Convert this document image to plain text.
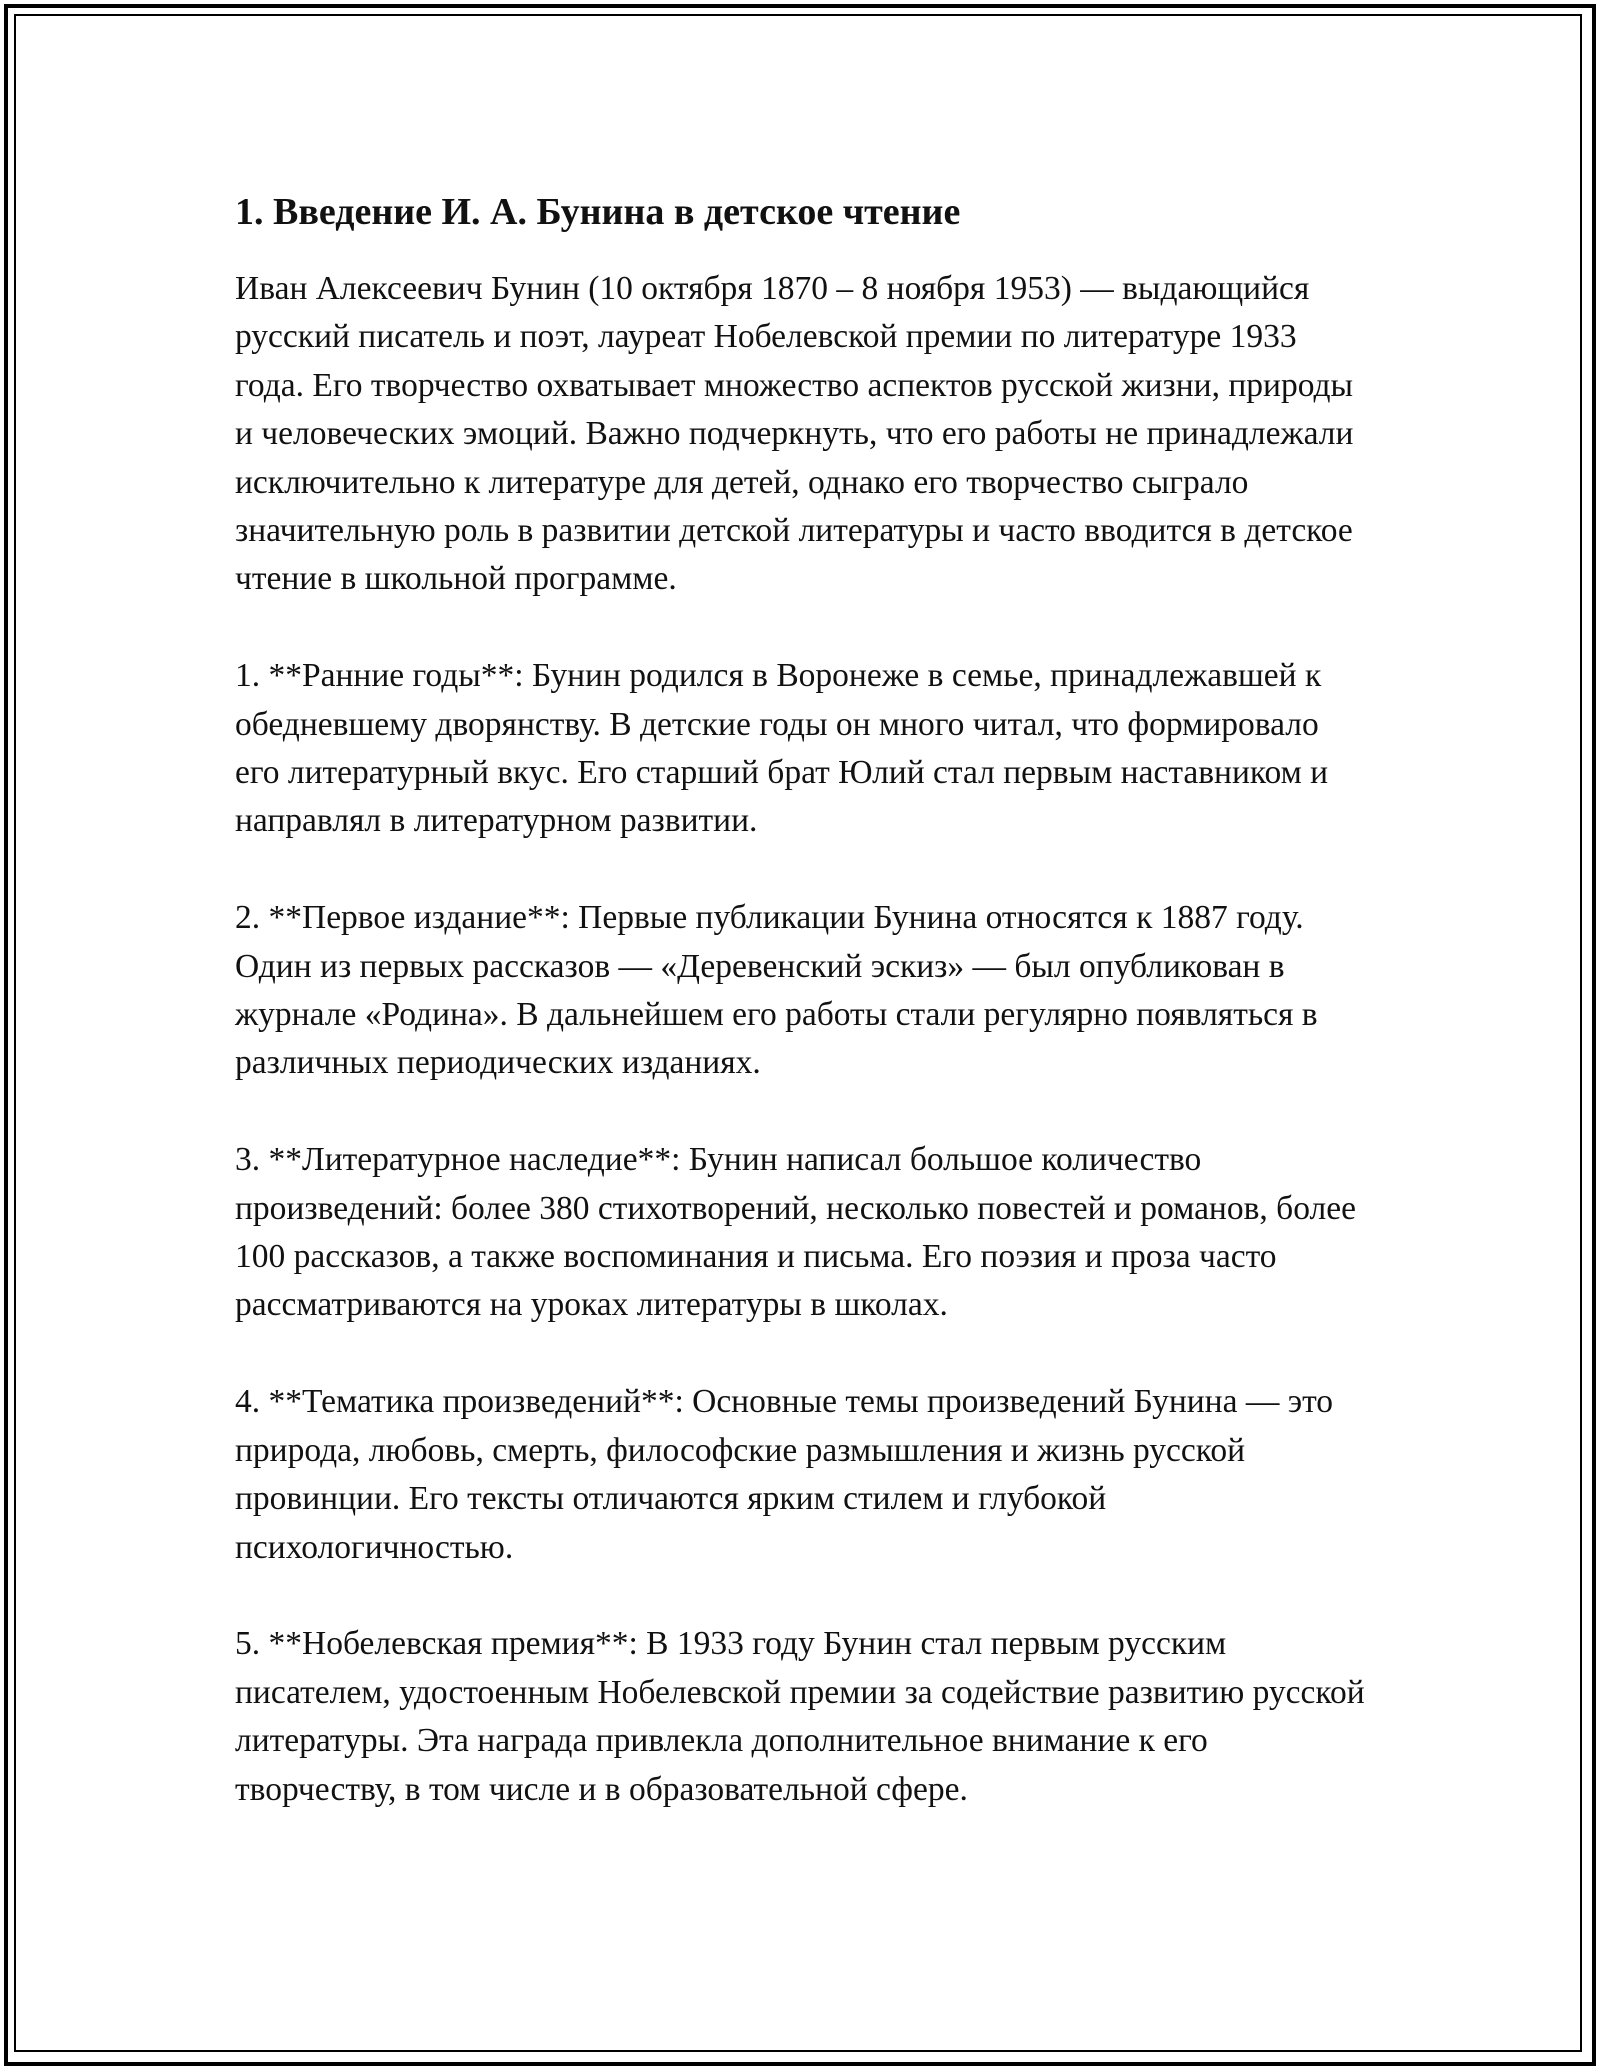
1. Введение И. А. Бунина в детское чтение

Иван Алексеевич Бунин (10 октября 1870 – 8 ноября 1953) — выдающийся русский писатель и поэт, лауреат Нобелевской премии по литературе 1933 года. Его творчество охватывает множество аспектов русской жизни, природы и человеческих эмоций. Важно подчеркнуть, что его работы не принадлежали исключительно к литературе для детей, однако его творчество сыграло значительную роль в развитии детской литературы и часто вводится в детское чтение в школьной программе.

1. **Ранние годы**: Бунин родился в Воронеже в семье, принадлежавшей к обедневшему дворянству. В детские годы он много читал, что формировало его литературный вкус. Его старший брат Юлий стал первым наставником и направлял в литературном развитии.

2. **Первое издание**: Первые публикации Бунина относятся к 1887 году. Один из первых рассказов — «Деревенский эскиз» — был опубликован в журнале «Родина». В дальнейшем его работы стали регулярно появляться в различных периодических изданиях.

3. **Литературное наследие**: Бунин написал большое количество произведений: более 380 стихотворений, несколько повестей и романов, более 100 рассказов, а также воспоминания и письма. Его поэзия и проза часто рассматриваются на уроках литературы в школах.

4. **Тематика произведений**: Основные темы произведений Бунина — это природа, любовь, смерть, философские размышления и жизнь русской провинции. Его тексты отличаются ярким стилем и глубокой психологичностью.

5. **Нобелевская премия**: В 1933 году Бунин стал первым русским писателем, удостоенным Нобелевской премии за содействие развитию русской литературы. Эта награда привлекла дополнительное внимание к его творчеству, в том числе и в образовательной сфере.
